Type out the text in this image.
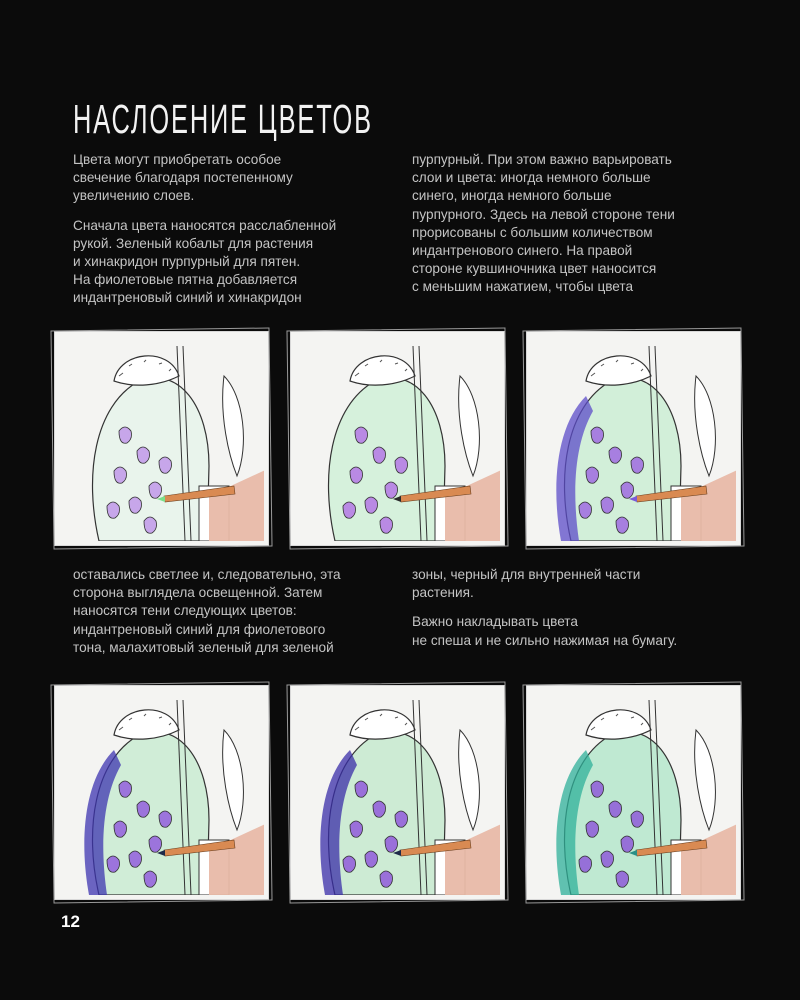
НАСЛОЕНИЕ ЦВЕТОВ

Цвета могут приобретать особое
свечение благодаря постепенному
увеличению слоев.

Сначала цвета наносятся расслабленной
рукой. Зеленый кобальт для растения
и хинакридон пурпурный для пятен.
На фиолетовые пятна добавляется
индантреновый синий и хинакридон

пурпурный. При этом важно варьировать
слои и цвета: иногда немного больше
синего, иногда немного больше
пурпурного. Здесь на левой стороне тени
прорисованы с большим количеством
индантренового синего. На правой
стороне кувшиночника цвет наносится
с меньшим нажатием, чтобы цвета

оставались светлее и, следовательно, эта
сторона выглядела освещенной. Затем
наносятся тени следующих цветов:
индантреновый синий для фиолетового
тона, малахитовый зеленый для зеленой

зоны, черный для внутренней части
растения.

Важно накладывать цвета
не спеша и не сильно нажимая на бумагу.

12
